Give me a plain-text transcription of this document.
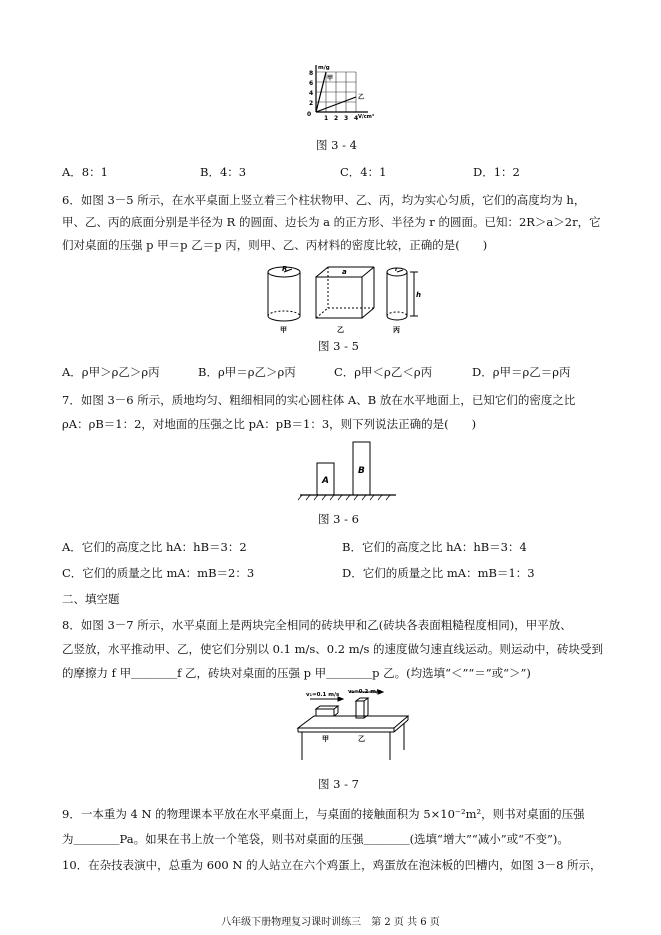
m/g
V/cm³
8
6
4
2
0
1 2 3 4
甲
乙
图 3 - 4
A．8：1	B．4：3	C．4：1	D．1：2
6．如图 3－5 所示，在水平桌面上竖立着三个柱状物甲、乙、丙，均为实心匀质，它们的高度均为 h，
甲、乙、丙的底面分别是半径为 R 的圆面、边长为 a 的正方形、半径为 r 的圆面。已知：2R＞a＞2r，它
们对桌面的压强 p 甲＝p 乙＝p 丙，则甲、乙、丙材料的密度比较，正确的是(　　)
R	a	r
h
甲	乙	丙
图 3 - 5
A．ρ甲＞ρ乙＞ρ丙	B．ρ甲＝ρ乙＞ρ丙	C．ρ甲＜ρ乙＜ρ丙	D．ρ甲＝ρ乙＝ρ丙
7．如图 3－6 所示，质地均匀、粗细相同的实心圆柱体 A、B 放在水平地面上，已知它们的密度之比
ρA：ρB＝1：2，对地面的压强之比 pA：pB＝1：3，则下列说法正确的是(　　)
A
B
图 3 - 6
A．它们的高度之比 hA：hB＝3：2	B．它们的高度之比 hA：hB＝3：4
C．它们的质量之比 mA：mB＝2：3	D．它们的质量之比 mA：mB＝1：3
二、填空题
8．如图 3－7 所示，水平桌面上是两块完全相同的砖块甲和乙(砖块各表面粗糙程度相同)，甲平放、
乙竖放，水平推动甲、乙，使它们分别以 0.1 m/s、0.2 m/s 的速度做匀速直线运动。则运动中，砖块受到
的摩擦力 f 甲＿＿＿＿f 乙，砖块对桌面的压强 p 甲＿＿＿＿p 乙。(均选填“＜”“＝”或“＞”)
v₁=0.1 m/s v₂=0.2 m/s
甲	乙
图 3 - 7
9．一本重为 4 N 的物理课本平放在水平桌面上，与桌面的接触面积为 5×10⁻²m²，则书对桌面的压强
为＿＿＿＿Pa。如果在书上放一个笔袋，则书对桌面的压强＿＿＿＿(选填“增大”“减小”或“不变”)。
10．在杂技表演中，总重为 600 N 的人站立在六个鸡蛋上，鸡蛋放在泡沫板的凹槽内，如图 3－8 所示，
八年级下册物理复习课时训练三　第 2 页 共 6 页
